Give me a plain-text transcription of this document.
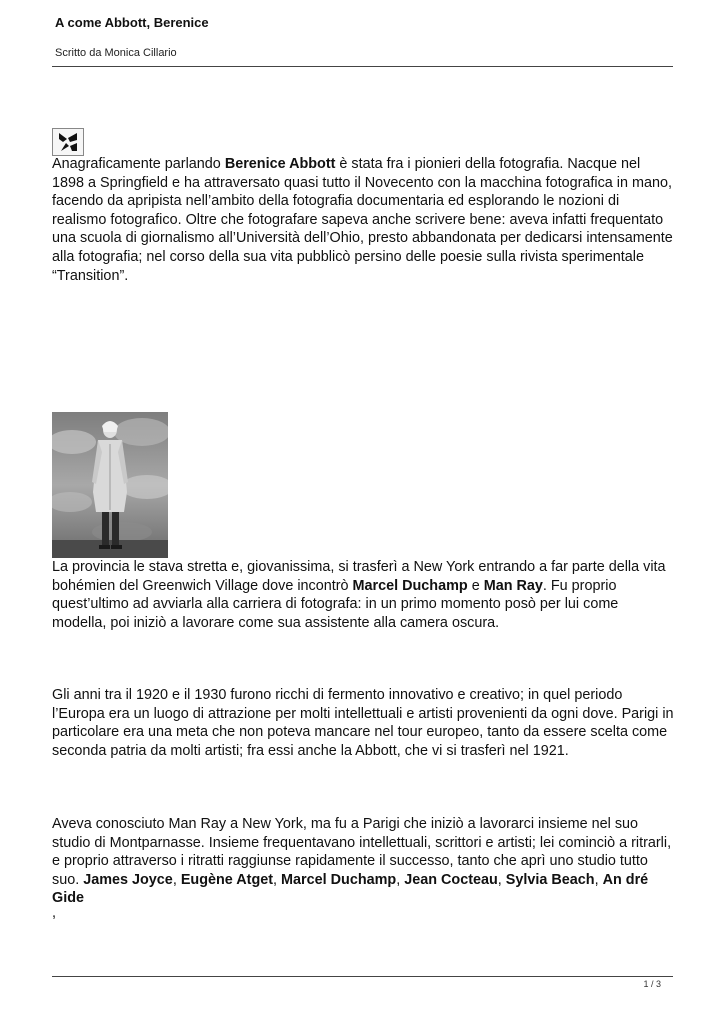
A come Abbott, Berenice
Scritto da Monica Cillario
Anagraficamente parlando Berenice Abbott è stata fra i pionieri della fotografia. Nacque nel 1898 a Springfield e ha attraversato quasi tutto il Novecento con la macchina fotografica in mano, facendo da apripista nell’ambito della fotografia documentaria ed esplorando le nozioni di realismo fotografico. Oltre che fotografare sapeva anche scrivere bene: aveva infatti frequentato una scuola di giornalismo all’Università dell’Ohio, presto abbandonata per dedicarsi intensamente alla fotografia; nel corso della sua vita pubblicò persino delle poesie sulla rivista sperimentale “Transition”.
La provincia le stava stretta e, giovanissima, si trasferì a New York entrando a far parte della vita bohémien del Greenwich Village dove incontrò Marcel Duchamp e Man Ray. Fu proprio quest’ultimo ad avviarla alla carriera di fotografa: in un primo momento posò per lui come modella, poi iniziò a lavorare come sua assistente alla camera oscura.
Gli anni tra il 1920 e il 1930 furono ricchi di fermento innovativo e creativo; in quel periodo l’Europa era un luogo di attrazione per molti intellettuali e artisti provenienti da ogni dove. Parigi in particolare era una meta che non poteva mancare nel tour europeo, tanto da essere scelta come seconda patria da molti artisti; fra essi anche la Abbott, che vi si trasferì nel 1921.
Aveva conosciuto Man Ray a New York, ma fu a Parigi che iniziò a lavorarci insieme nel suo studio di Montparnasse. Insieme frequentavano intellettuali, scrittori e artisti; lei cominciò a ritrarli, e proprio attraverso i ritratti raggiunse rapidamente il successo, tanto che aprì uno studio tutto suo. James Joyce, Eugène Atget, Marcel Duchamp, Jean Cocteau, Sylvia Beach, An dré Gide
,
1 / 3
